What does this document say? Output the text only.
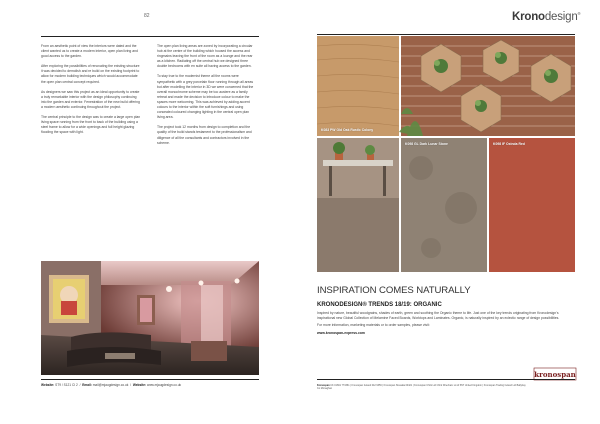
82

From an aesthetic point of view the interiors were dated and the client wanted us to create a modern interior, open plan living and good access to the garden.

After exploring the possibilities of renovating the existing structure it was decided to demolish and re build on the existing footprint to allow for modern building techniques which would accommodate the open plan central concept required.

As designers we saw this project as an ideal opportunity to create a truly remarkable interior with the design philosophy continuing into the garden and exterior. Fenestration of the new build offering a modern aesthetic continuing throughout the project.

The central principle to the design was to create a large open plan living space running from the front to back of the building using a steel frame to allow for a wide openings and full height glazing flooding the space with light.

The open plan living areas are zoned by incorporating a circular hub at the centre of the building which housed the access and ringmains leaving the front of the room as a lounge and the rear as a kitchen. Radiating off the central hub we designed three double bedrooms with en suite all having access to the garden.

To stay true to the modernist theme all the rooms were sympathetic with a grey porcelain floor running through all areas but after modelling the interior in 3D we were concerned that the overall monochrome scheme may be too austere as a family retreat and made the decision to introduce colour to make the spaces more welcoming. This was achieved by adding accent colours to the interior within the soft furnishings and using concealed coloured changing lighting in the central open plan living area.

The project took 12 months from design to completion and the quality of the build stands testament to the professionalism and diligence of all the consultants and contractors involved in the scheme.

Website: ST9 / S121 CI 2  /  Email: mail@mjaugdesign.co.uk  /  Website: www.mjaugdesign.co.uk
Kronodesign®
K083 PW Old Oak Rustic Colony
K098 GL Dark Lunar Stone	K098 IF Oxinda Red
INSPIRATION COMES NATURALLY
KRONODESIGN® TRENDS 18/19: ORGANIC

Inspired by nature, beautiful woodgrains, shades of earth, green and soothing the Organic theme to life. Just one of the key trends originating from Kronodesign's inspirational new Global Collection of Melamine Faced Boards, Worktops and Laminates. Organic, is naturally inspired by an eclectic range of design possibilities.

For more information, marketing materials or to order samples, please visit:

www.kronospan-express.com

kronospan
Kronospan UK 01691 773361 | Kronospan Ireland 042 9356 | Kronospan Slovakia 00421 | Kronospan Chirk Ltd Chirk Wrexham LL14 5NT United Kingdom | Kronospan Trading Ireland Ltd Ballybay Co Monaghan
